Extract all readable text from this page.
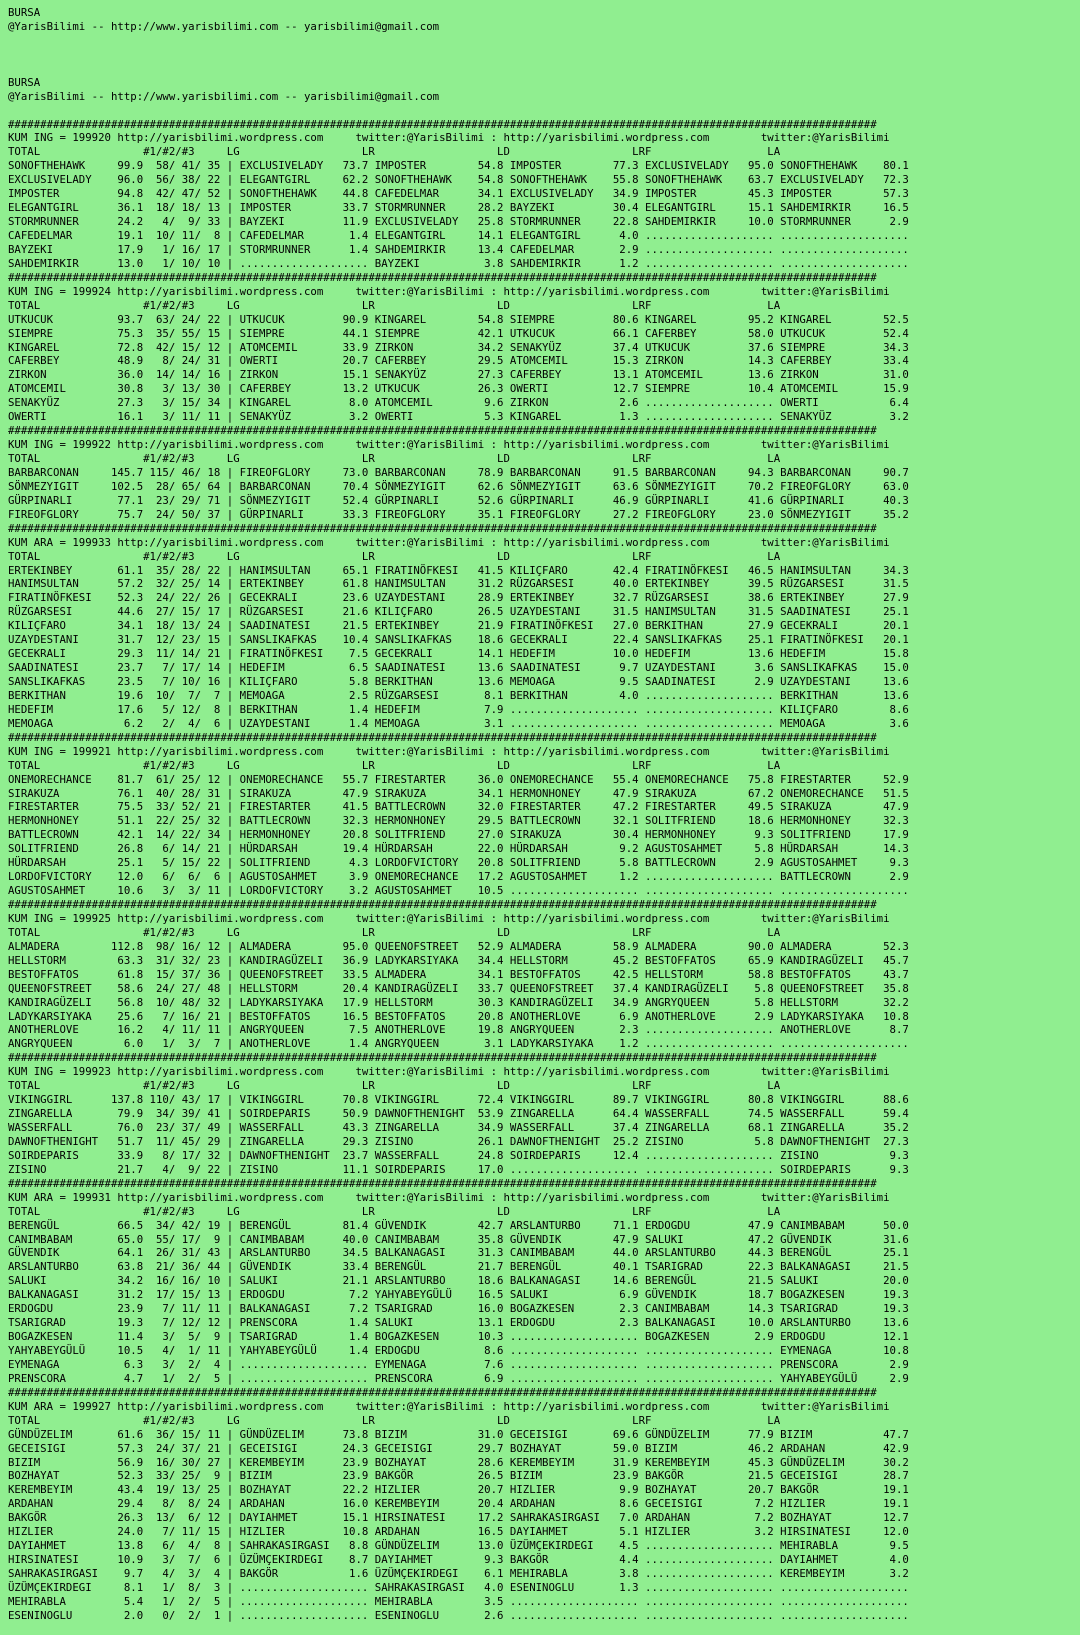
BURSA
@YarisBilimi -- http://www.yarisbilimi.com -- yarisbilimi@gmail.com

BURSA
@YarisBilimi -- http://www.yarisbilimi.com -- yarisbilimi@gmail.com

#######################################################################################################################################
KUM ING = 199920 http://yarisbilimi.wordpress.com     twitter:@YarisBilimi : http://yarisbilimi.wordpress.com        twitter:@YarisBilimi
TOTAL                #1/#2/#3     LG                   LR                   LD                   LRF                  LA
SONOFTHEHAWK     99.9  58/ 41/ 35 | EXCLUSIVELADY   73.7 IMPOSTER        54.8 IMPOSTER        77.3 EXCLUSIVELADY   95.0 SONOFTHEHAWK    80.1
EXCLUSIVELADY    96.0  56/ 38/ 22 | ELEGANTGIRL     62.2 SONOFTHEHAWK    54.8 SONOFTHEHAWK    55.8 SONOFTHEHAWK    63.7 EXCLUSIVELADY   72.3
IMPOSTER         94.8  42/ 47/ 52 | SONOFTHEHAWK    44.8 CAFEDELMAR      34.1 EXCLUSIVELADY   34.9 IMPOSTER        45.3 IMPOSTER        57.3
ELEGANTGIRL      36.1  18/ 18/ 13 | IMPOSTER        33.7 STORMRUNNER     28.2 BAYZEKI         30.4 ELEGANTGIRL     15.1 SAHDEMIRKIR     16.5
STORMRUNNER      24.2   4/  9/ 33 | BAYZEKI         11.9 EXCLUSIVELADY   25.8 STORMRUNNER     22.8 SAHDEMIRKIR     10.0 STORMRUNNER      2.9
CAFEDELMAR       19.1  10/ 11/  8 | CAFEDELMAR       1.4 ELEGANTGIRL     14.1 ELEGANTGIRL      4.0 .................... ....................
BAYZEKI          17.9   1/ 16/ 17 | STORMRUNNER      1.4 SAHDEMIRKIR     13.4 CAFEDELMAR       2.9 .................... ....................
SAHDEMIRKIR      13.0   1/ 10/ 10 | .................... BAYZEKI          3.8 SAHDEMIRKIR      1.2 .................... ....................
#######################################################################################################################################
KUM ING = 199924 http://yarisbilimi.wordpress.com     twitter:@YarisBilimi : http://yarisbilimi.wordpress.com        twitter:@YarisBilimi
TOTAL                #1/#2/#3     LG                   LR                   LD                   LRF                  LA
UTKUCUK          93.7  63/ 24/ 22 | UTKUCUK         90.9 KINGAREL        54.8 SIEMPRE         80.6 KINGAREL        95.2 KINGAREL        52.5
SIEMPRE          75.3  35/ 55/ 15 | SIEMPRE         44.1 SIEMPRE         42.1 UTKUCUK         66.1 CAFERBEY        58.0 UTKUCUK         52.4
KINGAREL         72.8  42/ 15/ 12 | ATOMCEMIL       33.9 ZIRKON          34.2 SENAKYÜZ        37.4 UTKUCUK         37.6 SIEMPRE         34.3
CAFERBEY         48.9   8/ 24/ 31 | OWERTI          20.7 CAFERBEY        29.5 ATOMCEMIL       15.3 ZIRKON          14.3 CAFERBEY        33.4
ZIRKON           36.0  14/ 14/ 16 | ZIRKON          15.1 SENAKYÜZ        27.3 CAFERBEY        13.1 ATOMCEMIL       13.6 ZIRKON          31.0
ATOMCEMIL        30.8   3/ 13/ 30 | CAFERBEY        13.2 UTKUCUK         26.3 OWERTI          12.7 SIEMPRE         10.4 ATOMCEMIL       15.9
SENAKYÜZ         27.3   3/ 15/ 34 | KINGAREL         8.0 ATOMCEMIL        9.6 ZIRKON           2.6 .................... OWERTI           6.4
OWERTI           16.1   3/ 11/ 11 | SENAKYÜZ         3.2 OWERTI           5.3 KINGAREL         1.3 .................... SENAKYÜZ         3.2
#######################################################################################################################################
KUM ING = 199922 http://yarisbilimi.wordpress.com     twitter:@YarisBilimi : http://yarisbilimi.wordpress.com        twitter:@YarisBilimi
TOTAL                #1/#2/#3     LG                   LR                   LD                   LRF                  LA
BARBARCONAN     145.7 115/ 46/ 18 | FIREOFGLORY     73.0 BARBARCONAN     78.9 BARBARCONAN     91.5 BARBARCONAN     94.3 BARBARCONAN     90.7
SÖNMEZYIGIT     102.5  28/ 65/ 64 | BARBARCONAN     70.4 SÖNMEZYIGIT     62.6 SÖNMEZYIGIT     63.6 SÖNMEZYIGIT     70.2 FIREOFGLORY     63.0
GÜRPINARLI       77.1  23/ 29/ 71 | SÖNMEZYIGIT     52.4 GÜRPINARLI      52.6 GÜRPINARLI      46.9 GÜRPINARLI      41.6 GÜRPINARLI      40.3
FIREOFGLORY      75.7  24/ 50/ 37 | GÜRPINARLI      33.3 FIREOFGLORY     35.1 FIREOFGLORY     27.2 FIREOFGLORY     23.0 SÖNMEZYIGIT     35.2
#######################################################################################################################################
KUM ARA = 199933 http://yarisbilimi.wordpress.com     twitter:@YarisBilimi : http://yarisbilimi.wordpress.com        twitter:@YarisBilimi
TOTAL                #1/#2/#3     LG                   LR                   LD                   LRF                  LA
ERTEKINBEY       61.1  35/ 28/ 22 | HANIMSULTAN     65.1 FIRATINÖFKESI   41.5 KILIÇFARO       42.4 FIRATINÖFKESI   46.5 HANIMSULTAN     34.3
HANIMSULTAN      57.2  32/ 25/ 14 | ERTEKINBEY      61.8 HANIMSULTAN     31.2 RÜZGARSESI      40.0 ERTEKINBEY      39.5 RÜZGARSESI      31.5
FIRATINÖFKESI    52.3  24/ 22/ 26 | GECEKRALI       23.6 UZAYDESTANI     28.9 ERTEKINBEY      32.7 RÜZGARSESI      38.6 ERTEKINBEY      27.9
RÜZGARSESI       44.6  27/ 15/ 17 | RÜZGARSESI      21.6 KILIÇFARO       26.5 UZAYDESTANI     31.5 HANIMSULTAN     31.5 SAADINATESI     25.1
KILIÇFARO        34.1  18/ 13/ 24 | SAADINATESI     21.5 ERTEKINBEY      21.9 FIRATINÖFKESI   27.0 BERKITHAN       27.9 GECEKRALI       20.1
UZAYDESTANI      31.7  12/ 23/ 15 | SANSLIKAFKAS    10.4 SANSLIKAFKAS    18.6 GECEKRALI       22.4 SANSLIKAFKAS    25.1 FIRATINÖFKESI   20.1
GECEKRALI        29.3  11/ 14/ 21 | FIRATINÖFKESI    7.5 GECEKRALI       14.1 HEDEFIM         10.0 HEDEFIM         13.6 HEDEFIM         15.8
SAADINATESI      23.7   7/ 17/ 14 | HEDEFIM          6.5 SAADINATESI     13.6 SAADINATESI      9.7 UZAYDESTANI      3.6 SANSLIKAFKAS    15.0
SANSLIKAFKAS     23.5   7/ 10/ 16 | KILIÇFARO        5.8 BERKITHAN       13.6 MEMOAGA          9.5 SAADINATESI      2.9 UZAYDESTANI     13.6
BERKITHAN        19.6  10/  7/  7 | MEMOAGA          2.5 RÜZGARSESI       8.1 BERKITHAN        4.0 .................... BERKITHAN       13.6
HEDEFIM          17.6   5/ 12/  8 | BERKITHAN        1.4 HEDEFIM          7.9 .................... .................... KILIÇFARO        8.6
MEMOAGA           6.2   2/  4/  6 | UZAYDESTANI      1.4 MEMOAGA          3.1 .................... .................... MEMOAGA          3.6
#######################################################################################################################################
KUM ING = 199921 http://yarisbilimi.wordpress.com     twitter:@YarisBilimi : http://yarisbilimi.wordpress.com        twitter:@YarisBilimi
TOTAL                #1/#2/#3     LG                   LR                   LD                   LRF                  LA
ONEMORECHANCE    81.7  61/ 25/ 12 | ONEMORECHANCE   55.7 FIRESTARTER     36.0 ONEMORECHANCE   55.4 ONEMORECHANCE   75.8 FIRESTARTER     52.9
SIRAKUZA         76.1  40/ 28/ 31 | SIRAKUZA        47.9 SIRAKUZA        34.1 HERMONHONEY     47.9 SIRAKUZA        67.2 ONEMORECHANCE   51.5
FIRESTARTER      75.5  33/ 52/ 21 | FIRESTARTER     41.5 BATTLECROWN     32.0 FIRESTARTER     47.2 FIRESTARTER     49.5 SIRAKUZA        47.9
HERMONHONEY      51.1  22/ 25/ 32 | BATTLECROWN     32.3 HERMONHONEY     29.5 BATTLECROWN     32.1 SOLITFRIEND     18.6 HERMONHONEY     32.3
BATTLECROWN      42.1  14/ 22/ 34 | HERMONHONEY     20.8 SOLITFRIEND     27.0 SIRAKUZA        30.4 HERMONHONEY      9.3 SOLITFRIEND     17.9
SOLITFRIEND      26.8   6/ 14/ 21 | HÜRDARSAH       19.4 HÜRDARSAH       22.0 HÜRDARSAH        9.2 AGUSTOSAHMET     5.8 HÜRDARSAH       14.3
HÜRDARSAH        25.1   5/ 15/ 22 | SOLITFRIEND      4.3 LORDOFVICTORY   20.8 SOLITFRIEND      5.8 BATTLECROWN      2.9 AGUSTOSAHMET     9.3
LORDOFVICTORY    12.0   6/  6/  6 | AGUSTOSAHMET     3.9 ONEMORECHANCE   17.2 AGUSTOSAHMET     1.2 .................... BATTLECROWN      2.9
AGUSTOSAHMET     10.6   3/  3/ 11 | LORDOFVICTORY    3.2 AGUSTOSAHMET    10.5 .................... .................... ....................
#######################################################################################################################################
KUM ING = 199925 http://yarisbilimi.wordpress.com     twitter:@YarisBilimi : http://yarisbilimi.wordpress.com        twitter:@YarisBilimi
TOTAL                #1/#2/#3     LG                   LR                   LD                   LRF                  LA
ALMADERA        112.8  98/ 16/ 12 | ALMADERA        95.0 QUEENOFSTREET   52.9 ALMADERA        58.9 ALMADERA        90.0 ALMADERA        52.3
HELLSTORM        63.3  31/ 32/ 23 | KANDIRAGÜZELI   36.9 LADYKARSIYAKA   34.4 HELLSTORM       45.2 BESTOFFATOS     65.9 KANDIRAGÜZELI   45.7
BESTOFFATOS      61.8  15/ 37/ 36 | QUEENOFSTREET   33.5 ALMADERA        34.1 BESTOFFATOS     42.5 HELLSTORM       58.8 BESTOFFATOS     43.7
QUEENOFSTREET    58.6  24/ 27/ 48 | HELLSTORM       20.4 KANDIRAGÜZELI   33.7 QUEENOFSTREET   37.4 KANDIRAGÜZELI    5.8 QUEENOFSTREET   35.8
KANDIRAGÜZELI    56.8  10/ 48/ 32 | LADYKARSIYAKA   17.9 HELLSTORM       30.3 KANDIRAGÜZELI   34.9 ANGRYQUEEN       5.8 HELLSTORM       32.2
LADYKARSIYAKA    25.6   7/ 16/ 21 | BESTOFFATOS     16.5 BESTOFFATOS     20.8 ANOTHERLOVE      6.9 ANOTHERLOVE      2.9 LADYKARSIYAKA   10.8
ANOTHERLOVE      16.2   4/ 11/ 11 | ANGRYQUEEN       7.5 ANOTHERLOVE     19.8 ANGRYQUEEN       2.3 .................... ANOTHERLOVE      8.7
ANGRYQUEEN        6.0   1/  3/  7 | ANOTHERLOVE      1.4 ANGRYQUEEN       3.1 LADYKARSIYAKA    1.2 .................... ....................
#######################################################################################################################################
KUM ING = 199923 http://yarisbilimi.wordpress.com     twitter:@YarisBilimi : http://yarisbilimi.wordpress.com        twitter:@YarisBilimi
TOTAL                #1/#2/#3     LG                   LR                   LD                   LRF                  LA
VIKINGGIRL      137.8 110/ 43/ 17 | VIKINGGIRL      70.8 VIKINGGIRL      72.4 VIKINGGIRL      89.7 VIKINGGIRL      80.8 VIKINGGIRL      88.6
ZINGARELLA       79.9  34/ 39/ 41 | SOIRDEPARIS     50.9 DAWNOFTHENIGHT  53.9 ZINGARELLA      64.4 WASSERFALL      74.5 WASSERFALL      59.4
WASSERFALL       76.0  23/ 37/ 49 | WASSERFALL      43.3 ZINGARELLA      34.9 WASSERFALL      37.4 ZINGARELLA      68.1 ZINGARELLA      35.2
DAWNOFTHENIGHT   51.7  11/ 45/ 29 | ZINGARELLA      29.3 ZISINO          26.1 DAWNOFTHENIGHT  25.2 ZISINO           5.8 DAWNOFTHENIGHT  27.3
SOIRDEPARIS      33.9   8/ 17/ 32 | DAWNOFTHENIGHT  23.7 WASSERFALL      24.8 SOIRDEPARIS     12.4 .................... ZISINO           9.3
ZISINO           21.7   4/  9/ 22 | ZISINO          11.1 SOIRDEPARIS     17.0 .................... .................... SOIRDEPARIS      9.3
#######################################################################################################################################
KUM ARA = 199931 http://yarisbilimi.wordpress.com     twitter:@YarisBilimi : http://yarisbilimi.wordpress.com        twitter:@YarisBilimi
TOTAL                #1/#2/#3     LG                   LR                   LD                   LRF                  LA
BERENGÜL         66.5  34/ 42/ 19 | BERENGÜL        81.4 GÜVENDIK        42.7 ARSLANTURBO     71.1 ERDOGDU         47.9 CANIMBABAM      50.0
CANIMBABAM       65.0  55/ 17/  9 | CANIMBABAM      40.0 CANIMBABAM      35.8 GÜVENDIK        47.9 SALUKI          47.2 GÜVENDIK        31.6
GÜVENDIK         64.1  26/ 31/ 43 | ARSLANTURBO     34.5 BALKANAGASI     31.3 CANIMBABAM      44.0 ARSLANTURBO     44.3 BERENGÜL        25.1
ARSLANTURBO      63.8  21/ 36/ 44 | GÜVENDIK        33.4 BERENGÜL        21.7 BERENGÜL        40.1 TSARIGRAD       22.3 BALKANAGASI     21.5
SALUKI           34.2  16/ 16/ 10 | SALUKI          21.1 ARSLANTURBO     18.6 BALKANAGASI     14.6 BERENGÜL        21.5 SALUKI          20.0
BALKANAGASI      31.2  17/ 15/ 13 | ERDOGDU          7.2 YAHYABEYGÜLÜ    16.5 SALUKI           6.9 GÜVENDIK        18.7 BOGAZKESEN      19.3
ERDOGDU          23.9   7/ 11/ 11 | BALKANAGASI      7.2 TSARIGRAD       16.0 BOGAZKESEN       2.3 CANIMBABAM      14.3 TSARIGRAD       19.3
TSARIGRAD        19.3   7/ 12/ 12 | PRENSCORA        1.4 SALUKI          13.1 ERDOGDU          2.3 BALKANAGASI     10.0 ARSLANTURBO     13.6
BOGAZKESEN       11.4   3/  5/  9 | TSARIGRAD        1.4 BOGAZKESEN      10.3 .................... BOGAZKESEN       2.9 ERDOGDU         12.1
YAHYABEYGÜLÜ     10.5   4/  1/ 11 | YAHYABEYGÜLÜ     1.4 ERDOGDU          8.6 .................... .................... EYMENAGA        10.8
EYMENAGA          6.3   3/  2/  4 | .................... EYMENAGA         7.6 .................... .................... PRENSCORA        2.9
PRENSCORA         4.7   1/  2/  5 | .................... PRENSCORA        6.9 .................... .................... YAHYABEYGÜLÜ     2.9
#######################################################################################################################################
KUM ARA = 199927 http://yarisbilimi.wordpress.com     twitter:@YarisBilimi : http://yarisbilimi.wordpress.com        twitter:@YarisBilimi
TOTAL                #1/#2/#3     LG                   LR                   LD                   LRF                  LA
GÜNDÜZELIM       61.6  36/ 15/ 11 | GÜNDÜZELIM      73.8 BIZIM           31.0 GECEISIGI       69.6 GÜNDÜZELIM      77.9 BIZIM           47.7
GECEISIGI        57.3  24/ 37/ 21 | GECEISIGI       24.3 GECEISIGI       29.7 BOZHAYAT        59.0 BIZIM           46.2 ARDAHAN         42.9
BIZIM            56.9  16/ 30/ 27 | KEREMBEYIM      23.9 BOZHAYAT        28.6 KEREMBEYIM      31.9 KEREMBEYIM      45.3 GÜNDÜZELIM      30.2
BOZHAYAT         52.3  33/ 25/  9 | BIZIM           23.9 BAKGÖR          26.5 BIZIM           23.9 BAKGÖR          21.5 GECEISIGI       28.7
KEREMBEYIM       43.4  19/ 13/ 25 | BOZHAYAT        22.2 HIZLIER         20.7 HIZLIER          9.9 BOZHAYAT        20.7 BAKGÖR          19.1
ARDAHAN          29.4   8/  8/ 24 | ARDAHAN         16.0 KEREMBEYIM      20.4 ARDAHAN          8.6 GECEISIGI        7.2 HIZLIER         19.1
BAKGÖR           26.3  13/  6/ 12 | DAYIAHMET       15.1 HIRSINATESI     17.2 SAHRAKASIRGASI   7.0 ARDAHAN          7.2 BOZHAYAT        12.7
HIZLIER          24.0   7/ 11/ 15 | HIZLIER         10.8 ARDAHAN         16.5 DAYIAHMET        5.1 HIZLIER          3.2 HIRSINATESI     12.0
DAYIAHMET        13.8   6/  4/  8 | SAHRAKASIRGASI   8.8 GÜNDÜZELIM      13.0 ÜZÜMÇEKIRDEGI    4.5 .................... MEHIRABLA        9.5
HIRSINATESI      10.9   3/  7/  6 | ÜZÜMÇEKIRDEGI    8.7 DAYIAHMET        9.3 BAKGÖR           4.4 .................... DAYIAHMET        4.0
SAHRAKASIRGASI    9.7   4/  3/  4 | BAKGÖR           1.6 ÜZÜMÇEKIRDEGI    6.1 MEHIRABLA        3.8 .................... KEREMBEYIM       3.2
ÜZÜMÇEKIRDEGI     8.1   1/  8/  3 | .................... SAHRAKASIRGASI   4.0 ESENINOGLU       1.3 .................... ....................
MEHIRABLA         5.4   1/  2/  5 | .................... MEHIRABLA        3.5 .................... .................... ....................
ESENINOGLU        2.0   0/  2/  1 | .................... ESENINOGLU       2.6 .................... .................... ....................
